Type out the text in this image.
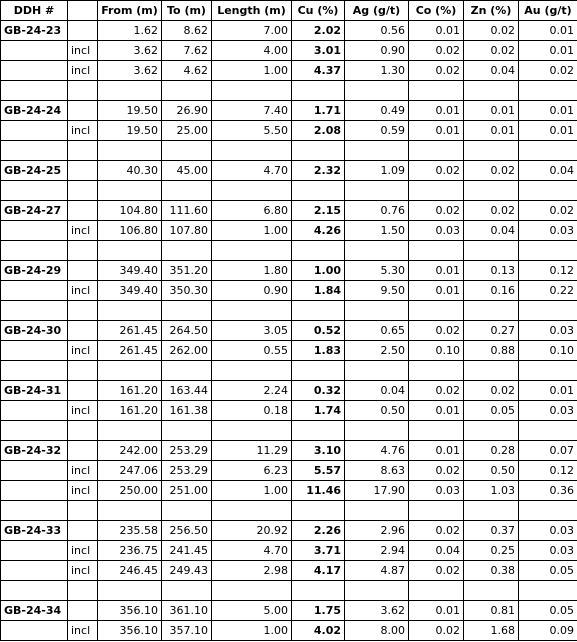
DDH #		From (m)	To (m)	Length (m)	Cu (%)	Ag (g/t)	Co (%)	Zn (%)	Au (g/t)
GB-24-23		1.62	8.62	7.00	2.02	0.56	0.01	0.02	0.01
	incl	3.62	7.62	4.00	3.01	0.90	0.02	0.02	0.01
	incl	3.62	4.62	1.00	4.37	1.30	0.02	0.04	0.02

GB-24-24		19.50	26.90	7.40	1.71	0.49	0.01	0.01	0.01
	incl	19.50	25.00	5.50	2.08	0.59	0.01	0.01	0.01

GB-24-25		40.30	45.00	4.70	2.32	1.09	0.02	0.02	0.04

GB-24-27		104.80	111.60	6.80	2.15	0.76	0.02	0.02	0.02
	incl	106.80	107.80	1.00	4.26	1.50	0.03	0.04	0.03

GB-24-29		349.40	351.20	1.80	1.00	5.30	0.01	0.13	0.12
	incl	349.40	350.30	0.90	1.84	9.50	0.01	0.16	0.22

GB-24-30		261.45	264.50	3.05	0.52	0.65	0.02	0.27	0.03
	incl	261.45	262.00	0.55	1.83	2.50	0.10	0.88	0.10

GB-24-31		161.20	163.44	2.24	0.32	0.04	0.02	0.02	0.01
	incl	161.20	161.38	0.18	1.74	0.50	0.01	0.05	0.03

GB-24-32		242.00	253.29	11.29	3.10	4.76	0.01	0.28	0.07
	incl	247.06	253.29	6.23	5.57	8.63	0.02	0.50	0.12
	incl	250.00	251.00	1.00	11.46	17.90	0.03	1.03	0.36

GB-24-33		235.58	256.50	20.92	2.26	2.96	0.02	0.37	0.03
	incl	236.75	241.45	4.70	3.71	2.94	0.04	0.25	0.03
	incl	246.45	249.43	2.98	4.17	4.87	0.02	0.38	0.05

GB-24-34		356.10	361.10	5.00	1.75	3.62	0.01	0.81	0.05
	incl	356.10	357.10	1.00	4.02	8.00	0.02	1.68	0.09
